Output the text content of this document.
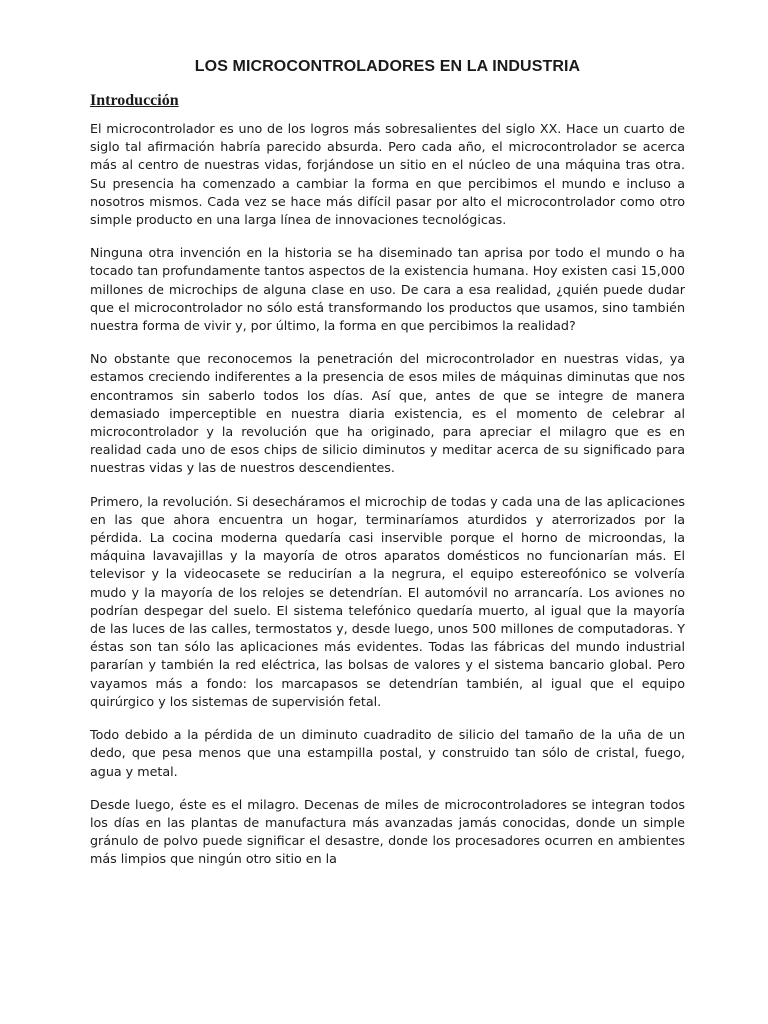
LOS MICROCONTROLADORES EN LA INDUSTRIA
Introducción

El microcontrolador es uno de los logros más sobresalientes del siglo XX. Hace un cuarto de siglo tal afirmación habría parecido absurda. Pero cada año, el microcontrolador se acerca más al centro de nuestras vidas, forjándose un sitio en el núcleo de una máquina tras otra. Su presencia ha comenzado a cambiar la forma en que percibimos el mundo e incluso a nosotros mismos. Cada vez se hace más difícil pasar por alto el microcontrolador como otro simple producto en una larga línea de innovaciones tecnológicas.

Ninguna otra invención en la historia se ha diseminado tan aprisa por todo el mundo o ha tocado tan profundamente tantos aspectos de la existencia humana. Hoy existen casi 15,000 millones de microchips de alguna clase en uso. De cara a esa realidad, ¿quién puede dudar que el microcontrolador no sólo está transformando los productos que usamos, sino también nuestra forma de vivir y, por último, la forma en que percibimos la realidad?

No obstante que reconocemos la penetración del microcontrolador en nuestras vidas, ya estamos creciendo indiferentes a la presencia de esos miles de máquinas diminutas que nos encontramos sin saberlo todos los días. Así que, antes de que se integre de manera demasiado imperceptible en nuestra diaria existencia, es el momento de celebrar al microcontrolador y la revolución que ha originado, para apreciar el milagro que es en realidad cada uno de esos chips de silicio diminutos y meditar acerca de su significado para nuestras vidas y las de nuestros descendientes.

Primero, la revolución. Si desecháramos el microchip de todas y cada una de las aplicaciones en las que ahora encuentra un hogar, terminaríamos aturdidos y aterrorizados por la pérdida. La cocina moderna quedaría casi inservible porque el horno de microondas, la máquina lavavajillas y la mayoría de otros aparatos domésticos no funcionarían más. El televisor y la videocasete se reducirían a la negrura, el equipo estereofónico se volvería mudo y la mayoría de los relojes se detendrían. El automóvil no arrancaría. Los aviones no podrían despegar del suelo. El sistema telefónico quedaría muerto, al igual que la mayoría de las luces de las calles, termostatos y, desde luego, unos 500 millones de computadoras. Y éstas son tan sólo las aplicaciones más evidentes. Todas las fábricas del mundo industrial pararían y también la red eléctrica, las bolsas de valores y el sistema bancario global. Pero vayamos más a fondo: los marcapasos se detendrían también, al igual que el equipo quirúrgico y los sistemas de supervisión fetal.

Todo debido a la pérdida de un diminuto cuadradito de silicio del tamaño de la uña de un dedo, que pesa menos que una estampilla postal, y construido tan sólo de cristal, fuego, agua y metal.

Desde luego, éste es el milagro. Decenas de miles de microcontroladores se integran todos los días en las plantas de manufactura más avanzadas jamás conocidas, donde un simple gránulo de polvo puede significar el desastre, donde los procesadores ocurren en ambientes más limpios que ningún otro sitio en la
